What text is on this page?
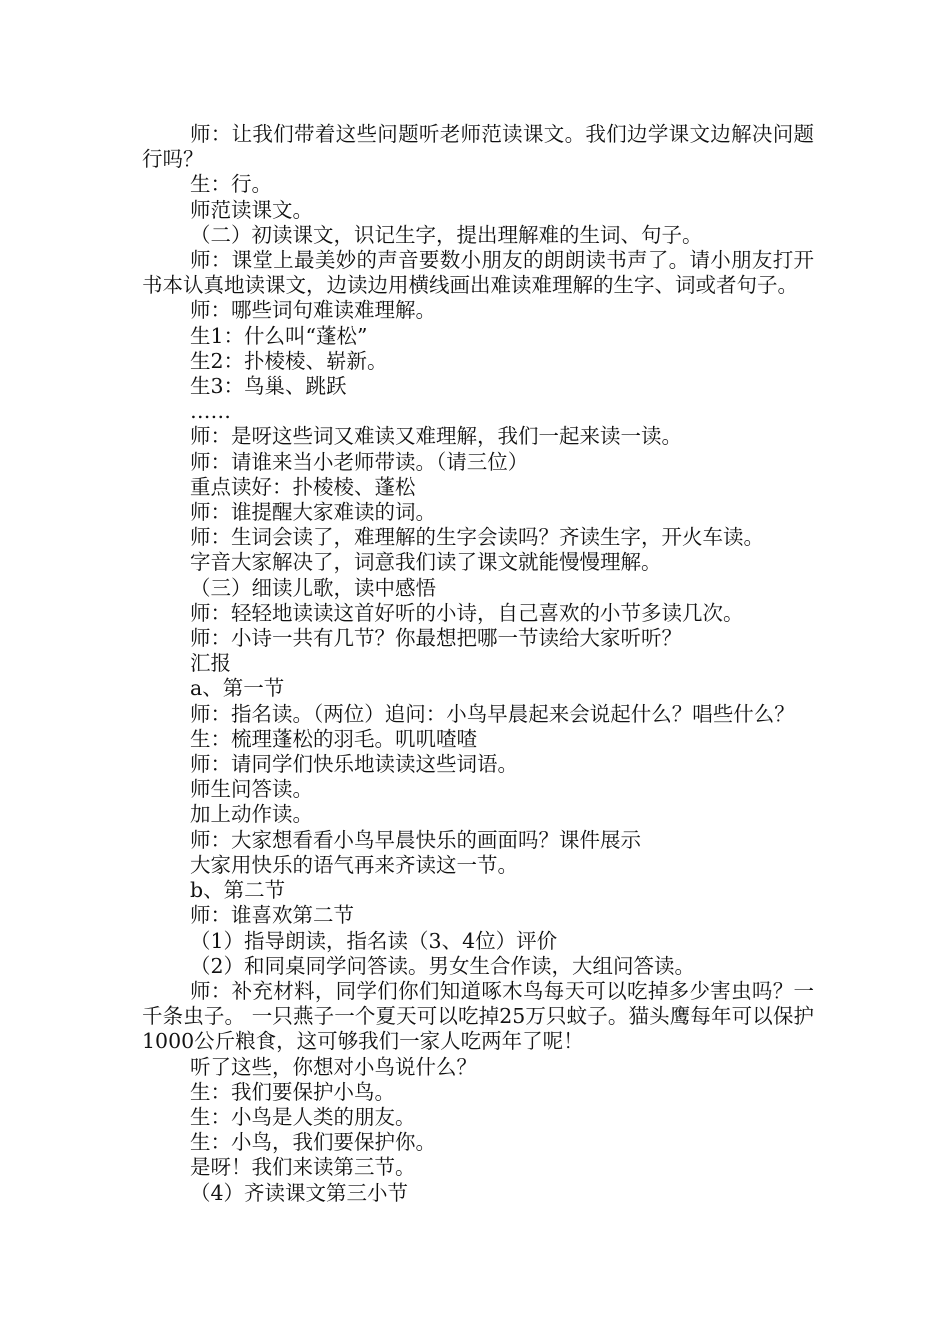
师：让我们带着这些问题听老师范读课文。我们边学课文边解决问题行吗？

生：行。

师范读课文。

（二）初读课文，识记生字，提出理解难的生词、句子。

师：课堂上最美妙的声音要数小朋友的朗朗读书声了。请小朋友打开书本认真地读课文，边读边用横线画出难读难理解的生字、词或者句子。

师：哪些词句难读难理解。

生1：什么叫“蓬松”

生2：扑棱棱、崭新。

生3：鸟巢、跳跃

……

师：是呀这些词又难读又难理解，我们一起来读一读。

师：请谁来当小老师带读。（请三位）

重点读好：扑棱棱、蓬松

师：谁提醒大家难读的词。

师：生词会读了，难理解的生字会读吗？齐读生字，开火车读。

字音大家解决了，词意我们读了课文就能慢慢理解。

（三）细读儿歌，读中感悟

师：轻轻地读读这首好听的小诗，自己喜欢的小节多读几次。

师：小诗一共有几节？你最想把哪一节读给大家听听？

汇报

a、第一节

师：指名读。（两位）追问：小鸟早晨起来会说起什么？唱些什么？

生：梳理蓬松的羽毛。叽叽喳喳

师：请同学们快乐地读读这些词语。

师生问答读。

加上动作读。

师：大家想看看小鸟早晨快乐的画面吗？课件展示

大家用快乐的语气再来齐读这一节。

b、第二节

师：谁喜欢第二节

（1）指导朗读，指名读（3、4位）评价

（2）和同桌同学问答读。男女生合作读，大组问答读。

师：补充材料，同学们你们知道啄木鸟每天可以吃掉多少害虫吗？一千条虫子。 一只燕子一个夏天可以吃掉25万只蚊子。猫头鹰每年可以保护1000公斤粮食，这可够我们一家人吃两年了呢！

听了这些，你想对小鸟说什么？

生：我们要保护小鸟。

生：小鸟是人类的朋友。

生：小鸟，我们要保护你。

是呀！我们来读第三节。

（4）齐读课文第三小节
